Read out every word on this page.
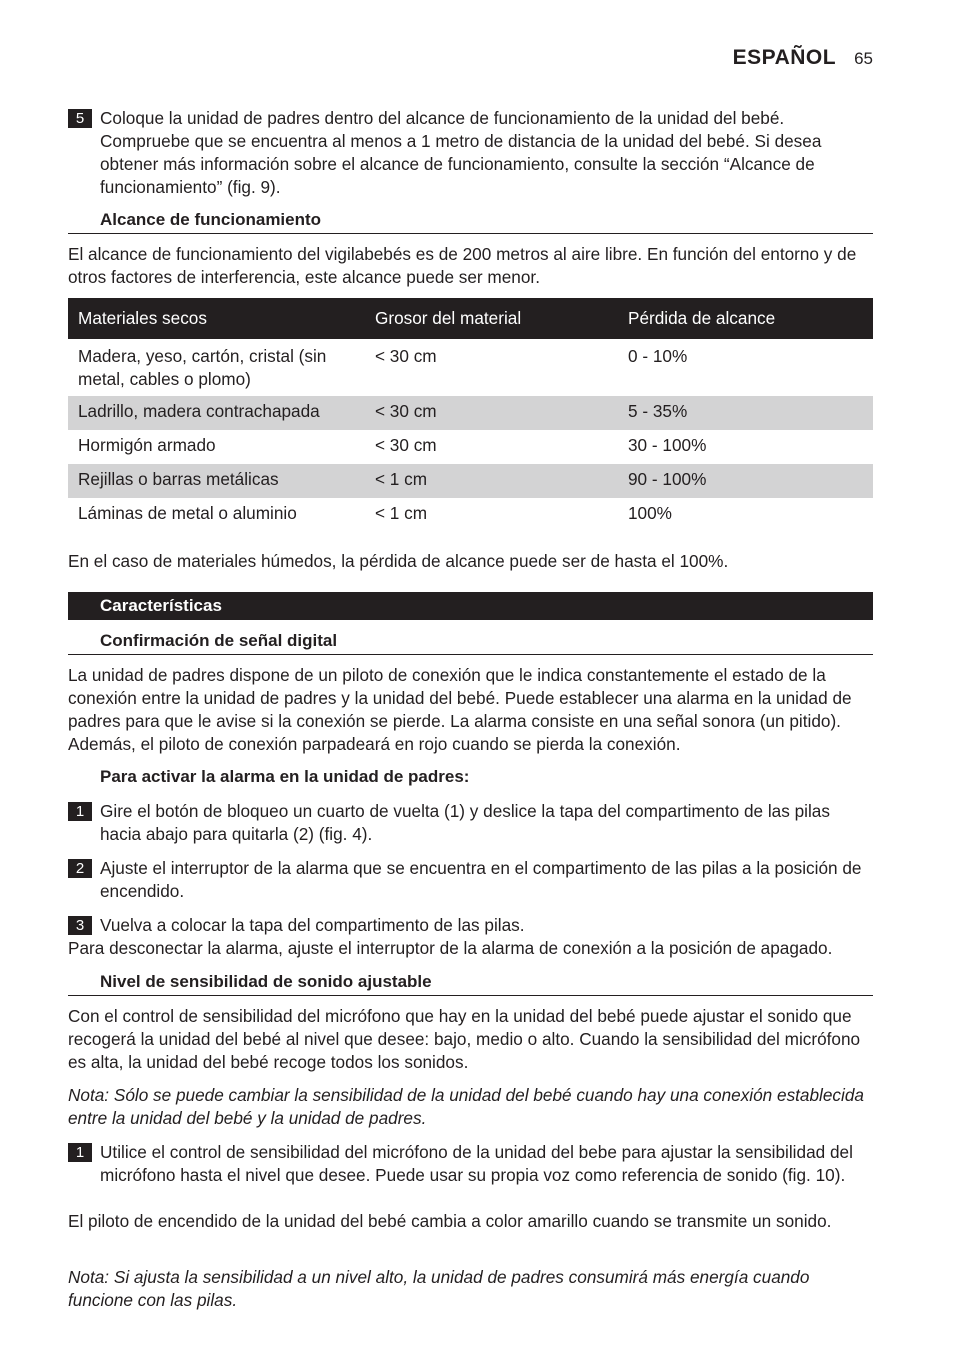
ESPAÑOL 65
5 Coloque la unidad de padres dentro del alcance de funcionamiento de la unidad del bebé. Compruebe que se encuentra al menos a 1 metro de distancia de la unidad del bebé. Si desea obtener más información sobre el alcance de funcionamiento, consulte la sección “Alcance de funcionamiento” (fig. 9).
Alcance de funcionamiento
El alcance de funcionamiento del vigilabebés es de 200 metros al aire libre. En función del entorno y de otros factores de interferencia, este alcance puede ser menor.
Materiales secos	Grosor del material	Pérdida de alcance
Madera, yeso, cartón, cristal (sin metal, cables o plomo)	< 30 cm	0 - 10%
Ladrillo, madera contrachapada	< 30 cm	5 - 35%
Hormigón armado	< 30 cm	30 - 100%
Rejillas o barras metálicas	< 1 cm	90 - 100%
Láminas de metal o aluminio	< 1 cm	100%
En el caso de materiales húmedos, la pérdida de alcance puede ser de hasta el 100%.
Características
Confirmación de señal digital
La unidad de padres dispone de un piloto de conexión que le indica constantemente el estado de la conexión entre la unidad de padres y la unidad del bebé. Puede establecer una alarma en la unidad de padres para que le avise si la conexión se pierde. La alarma consiste en una señal sonora (un pitido). Además, el piloto de conexión parpadeará en rojo cuando se pierda la conexión.
Para activar la alarma en la unidad de padres:
1 Gire el botón de bloqueo un cuarto de vuelta (1) y deslice la tapa del compartimento de las pilas hacia abajo para quitarla (2) (fig. 4).
2 Ajuste el interruptor de la alarma que se encuentra en el compartimento de las pilas a la posición de encendido.
3 Vuelva a colocar la tapa del compartimento de las pilas.
Para desconectar la alarma, ajuste el interruptor de la alarma de conexión a la posición de apagado.
Nivel de sensibilidad de sonido ajustable
Con el control de sensibilidad del micrófono que hay en la unidad del bebé puede ajustar el sonido que recogerá la unidad del bebé al nivel que desee: bajo, medio o alto. Cuando la sensibilidad del micrófono es alta, la unidad del bebé recoge todos los sonidos.
Nota: Sólo se puede cambiar la sensibilidad de la unidad del bebé cuando hay una conexión establecida entre la unidad del bebé y la unidad de padres.
1 Utilice el control de sensibilidad del micrófono de la unidad del bebe para ajustar la sensibilidad del micrófono hasta el nivel que desee. Puede usar su propia voz como referencia de sonido (fig. 10).
El piloto de encendido de la unidad del bebé cambia a color amarillo cuando se transmite un sonido.
Nota: Si ajusta la sensibilidad a un nivel alto, la unidad de padres consumirá más energía cuando funcione con las pilas.
